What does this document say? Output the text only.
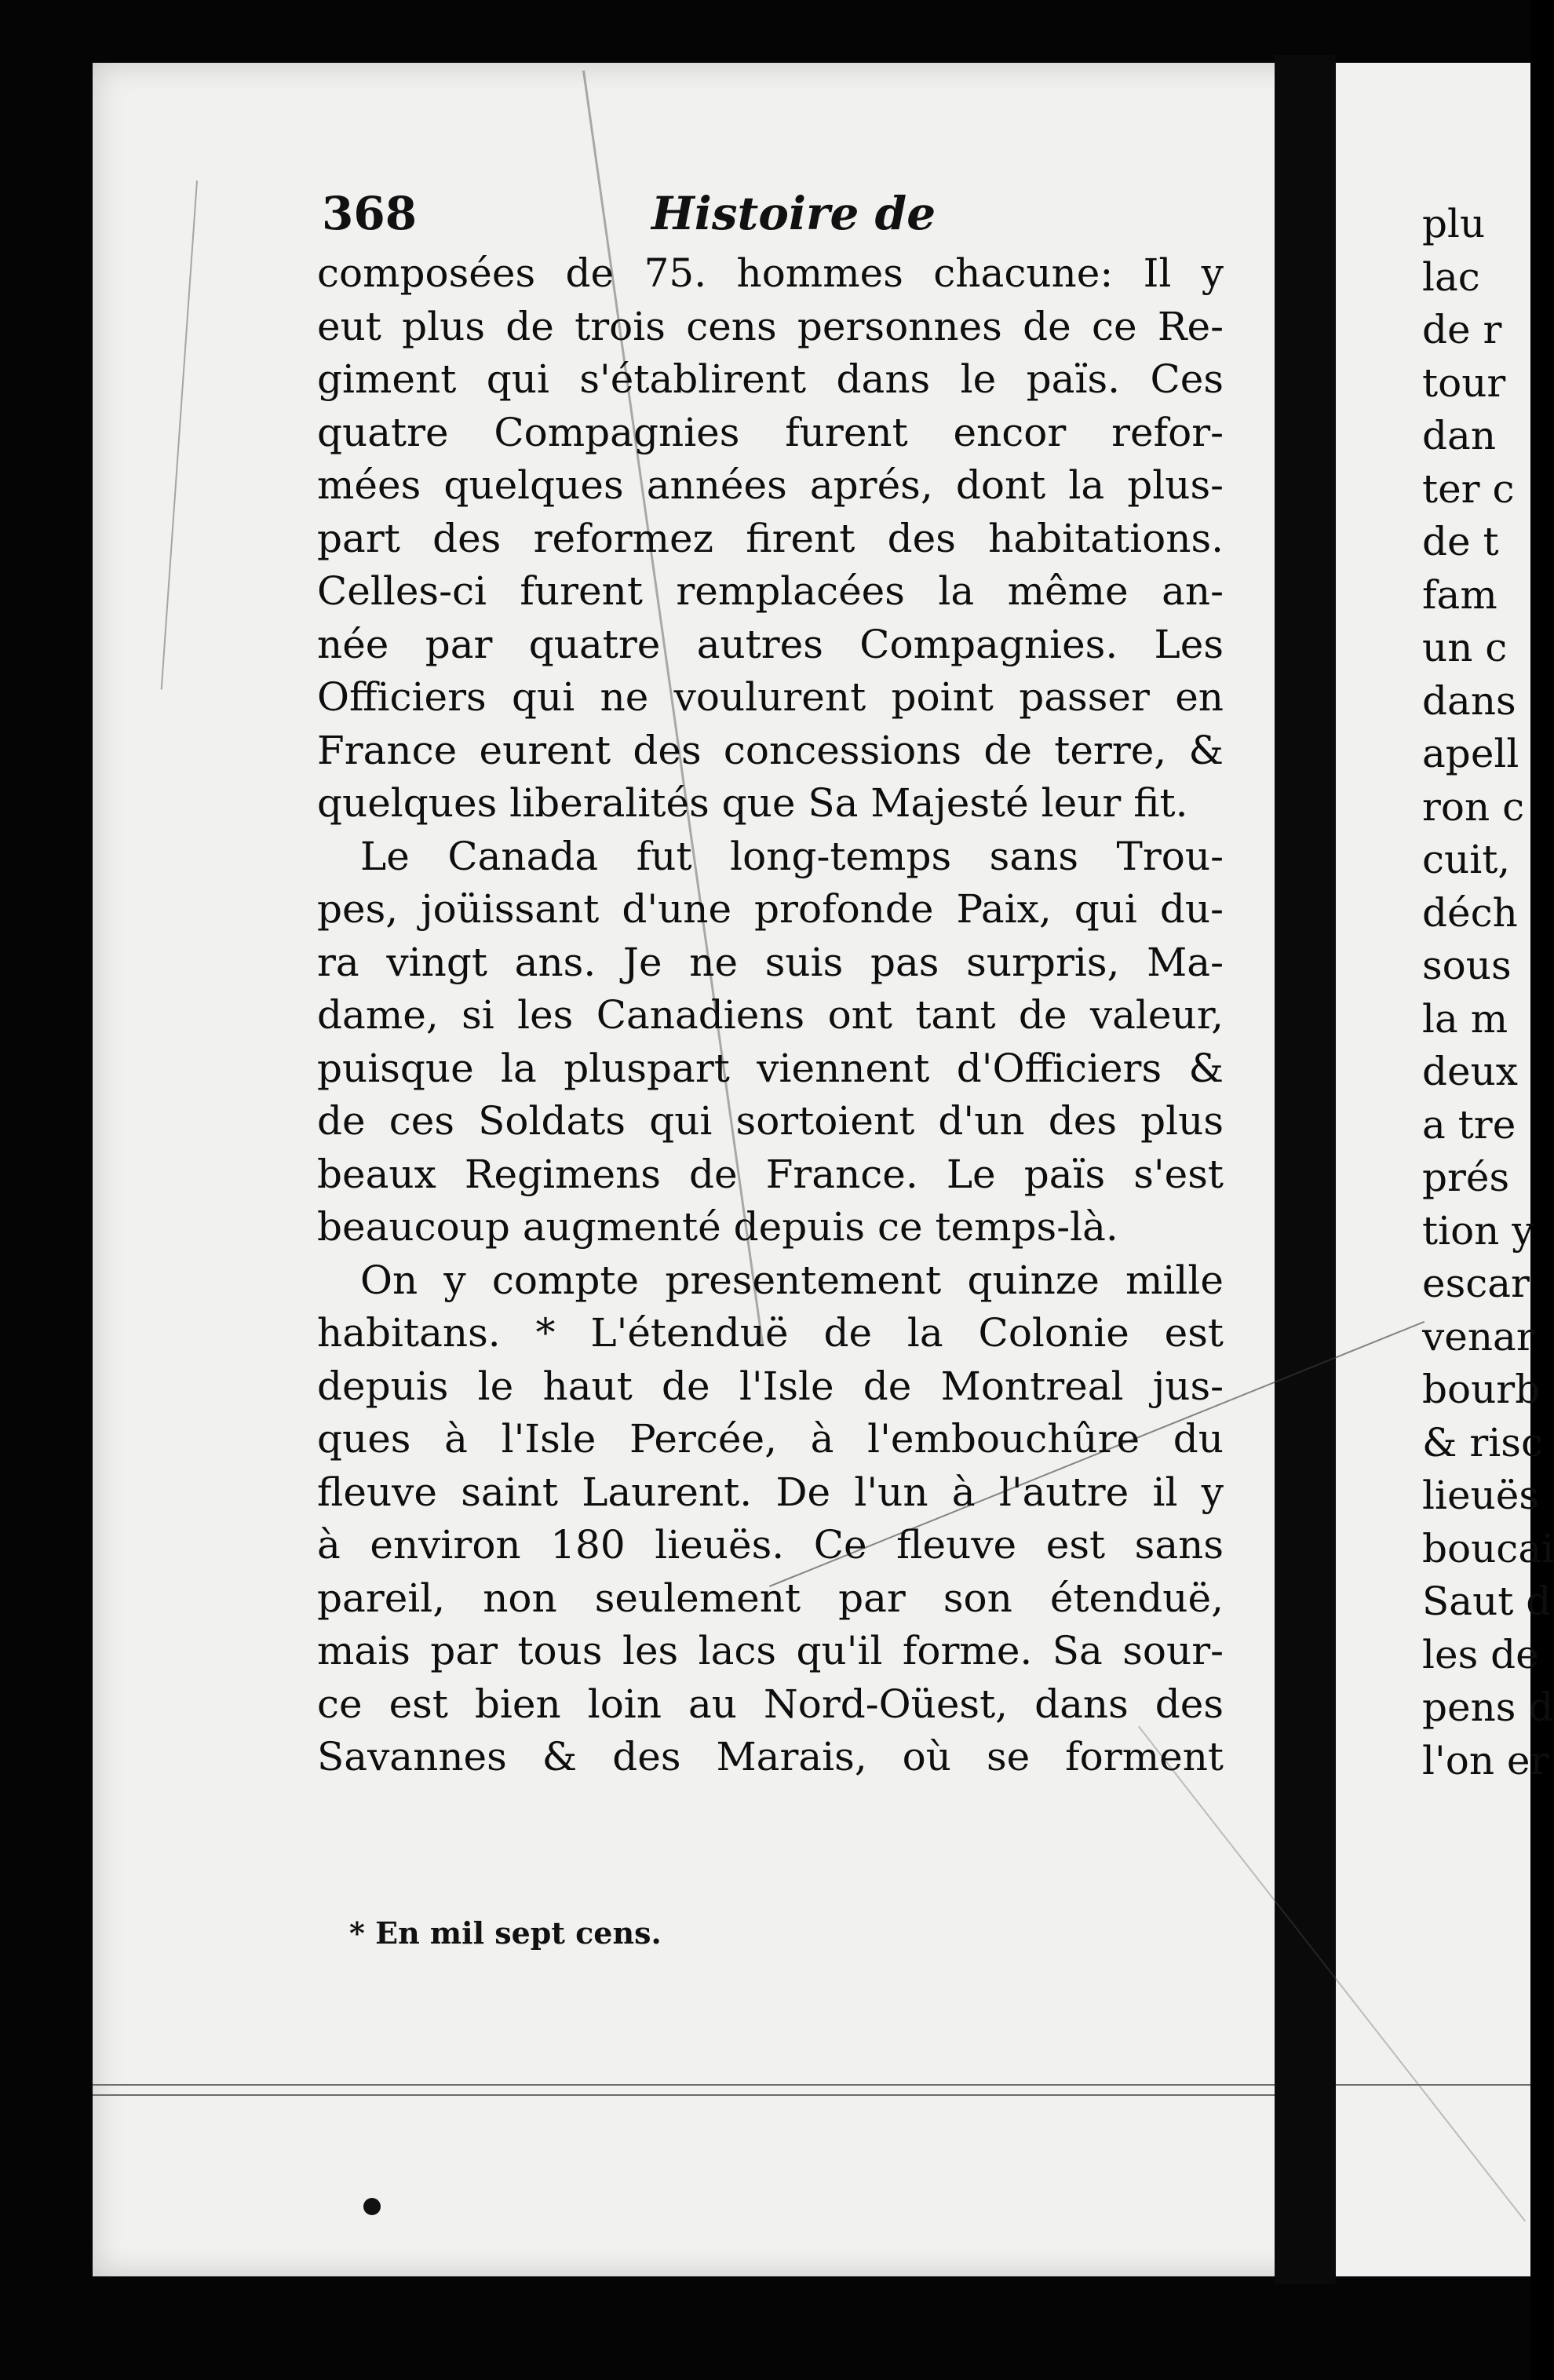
368	Histoire de
composées de 75. hommes chacune: Il y
eut plus de trois cens personnes de ce Re-
giment qui s'établirent dans le païs. Ces
quatre Compagnies furent encor refor-
mées quelques années aprés, dont la plus-
part des reformez firent des habitations.
Celles-ci furent remplacées la même an-
née par quatre autres Compagnies. Les
Officiers qui ne voulurent point passer en
France eurent des concessions de terre, &
quelques liberalités que Sa Majesté leur fit.
Le Canada fut long-temps sans Trou-
pes, joüissant d'une profonde Paix, qui du-
ra vingt ans. Je ne suis pas surpris, Ma-
dame, si les Canadiens ont tant de valeur,
puisque la pluspart viennent d'Officiers &
de ces Soldats qui sortoient d'un des plus
beaux Regimens de France. Le païs s'est
beaucoup augmenté depuis ce temps-là.
On y compte presentement quinze mille
habitans. * L'étenduë de la Colonie est
depuis le haut de l'Isle de Montreal jus-
ques à l'Isle Percée, à l'embouchûre du
fleuve saint Laurent. De l'un à l'autre il y
à environ 180 lieuës. Ce fleuve est sans
pareil, non seulement par son étenduë,
mais par tous les lacs qu'il forme. Sa sour-
ce est bien loin au Nord-Oüest, dans des
Savannes & des Marais, où se forment
* En mil sept cens.
plu
lac
de r
tour
dan
ter c
de t
fam
un c
dans
apell
ron c
cuit,
déch
sous
la m
deux
a tre
prés
tion y
escar
venar
bourb
& risc
lieuës
boucai
Saut d
les de
pens d
l'on er
